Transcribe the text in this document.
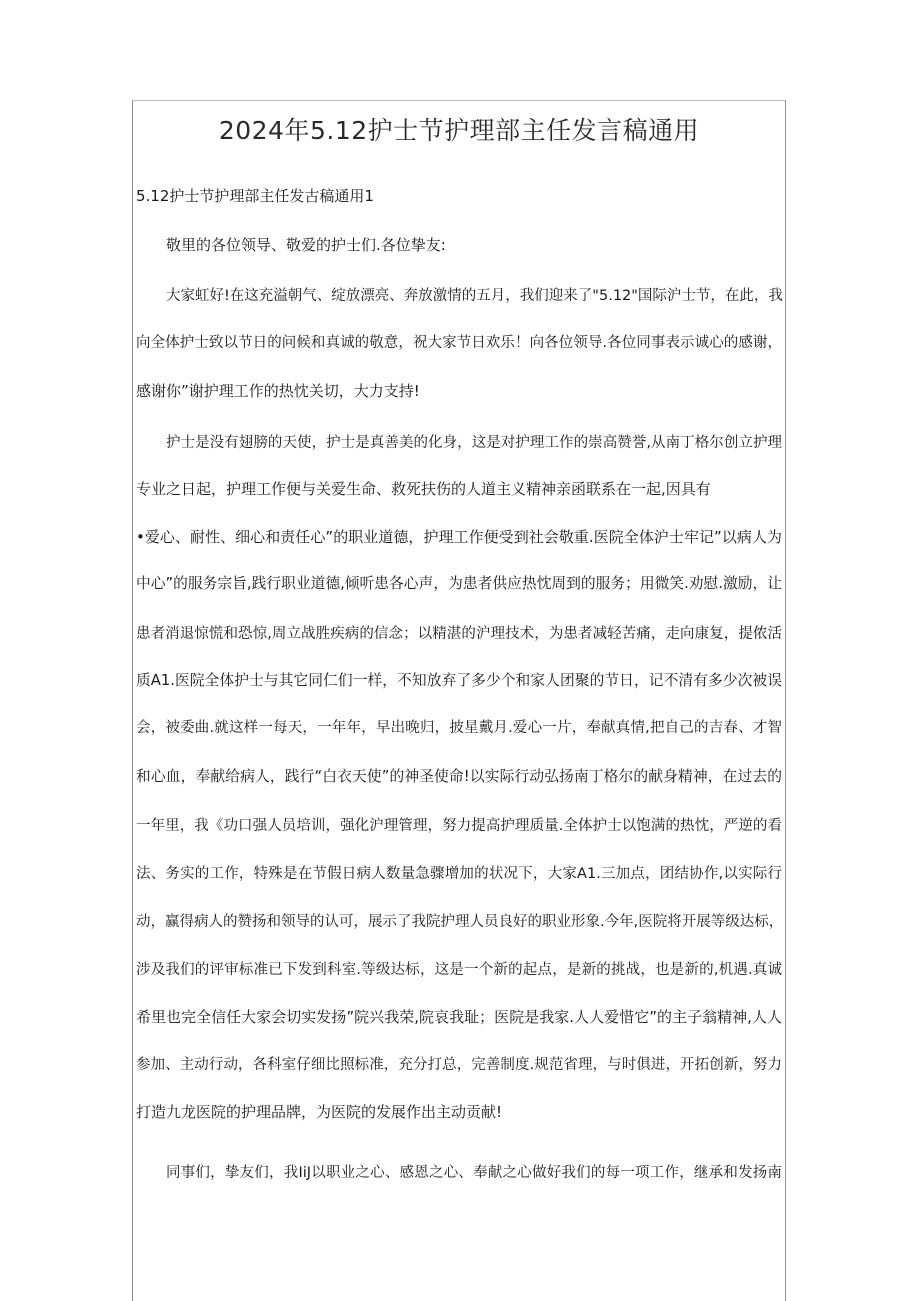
2024年5.12护士节护理部主任发言稿通用
5.12护士节护理部主任发古稿通用1

敬里的各位领导、敬爱的护士们.各位挚友:

大家虹好!在这充溢朝气、绽放漂亮、奔放激情的五月，我们迎来了"5.12"国际沪士节，在此，我

向全体护士致以节日的问候和真诚的敬意，祝大家节日欢乐！向各位领导.各位同事表示诚心的感谢，

感谢你”谢护理工作的热忱关切，大力支持!

护士是没有翅膀的天使，护士是真善美的化身，这是对护理工作的崇高赞誉,从南丁格尔创立护理

专业之日起，护理工作便与关爱生命、救死扶伤的人道主义精神亲函联系在一起,因具有

•爱心、耐性、细心和责任心”的职业道德，护理工作便受到社会敬重.医院全体沪士牢记”以病人为

中心”的服务宗旨,践行职业道德,倾听患各心声，为患者供应热忱周到的服务；用微笑.劝慰.激励，让

患者消退惊慌和恐惊,周立战胜疾病的信念；以精湛的沪理技术，为患者减轻苦痛，走向康复，提侬活

质A1.医院全体护士与其它同仁们一样，不知放弃了多少个和家人团聚的节日，记不清有多少次被误

会，被委曲.就这样一每天，一年年，早出晚归，披星戴月.爱心一片，奉献真情,把自己的吉春、才智

和心血，奉献给病人，践行“白衣天使”的神圣使命!以实际行动弘扬南丁格尔的献身精神，在过去的

一年里，我《功口强人员培训，强化沪理管理，努力提高护理质量.全体护士以饱满的热忱，严逆的看

法、务实的工作，特殊是在节假日病人数量急骤增加的状况下，大家A1.三加点，团结协作,以实际行

动，赢得病人的赞扬和领导的认可，展示了我院护理人员良好的职业形象.今年,医院将开展等级达标，

涉及我们的评审标准已下发到科室.等级达标，这是一个新的起点，是新的挑战，也是新的,机遇.真诚

希里也完全信任大家会切实发扬”院兴我荣,院哀我耻；医院是我家.人人爱惜它”的主子翁精神,人人

参加、主动行动，各科室仔细比照标准，充分打总，完善制度.规范省理，与时俱进，开拓创新，努力

打造九龙医院的护理品牌，为医院的发展作出主动贡献!

同事们，挚友们，我IiJ以职业之心、感恩之心、奉献之心做好我们的每一项工作，继承和发扬南
